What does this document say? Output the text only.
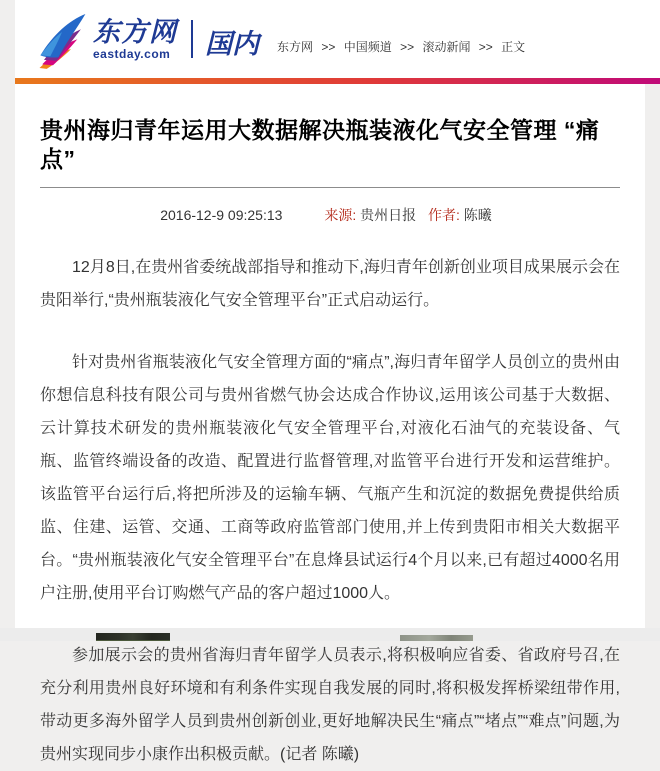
东方网
eastday.com 国内 东方网 >> 中国频道 >> 滚动新闻 >> 正文
贵州海归青年运用大数据解决瓶装液化气安全管理 “痛点”
2016-12-9 09:25:13	来源: 贵州日报 作者: 陈曦

12月8日,在贵州省委统战部指导和推动下,海归青年创新创业项目成果展示会在贵阳举行,“贵州瓶装液化气安全管理平台”正式启动运行。

针对贵州省瓶装液化气安全管理方面的“痛点”,海归青年留学人员创立的贵州由你想信息科技有限公司与贵州省燃气协会达成合作协议,运用该公司基于大数据、云计算技术研发的贵州瓶装液化气安全管理平台,对液化石油气的充装设备、气瓶、监管终端设备的改造、配置进行监督管理,对监管平台进行开发和运营维护。该监管平台运行后,将把所涉及的运输车辆、气瓶产生和沉淀的数据免费提供给质监、住建、运管、交通、工商等政府监管部门使用,并上传到贵阳市相关大数据平台。“贵州瓶装液化气安全管理平台”在息烽县试运行4个月以来,已有超过4000名用户注册,使用平台订购燃气产品的客户超过1000人。

参加展示会的贵州省海归青年留学人员表示,将积极响应省委、省政府号召,在充分利用贵州良好环境和有利条件实现自我发展的同时,将积极发挥桥梁纽带作用,带动更多海外留学人员到贵州创新创业,更好地解决民生“痛点”“堵点”“难点”问题,为贵州实现同步小康作出积极贡献。(记者 陈曦)
